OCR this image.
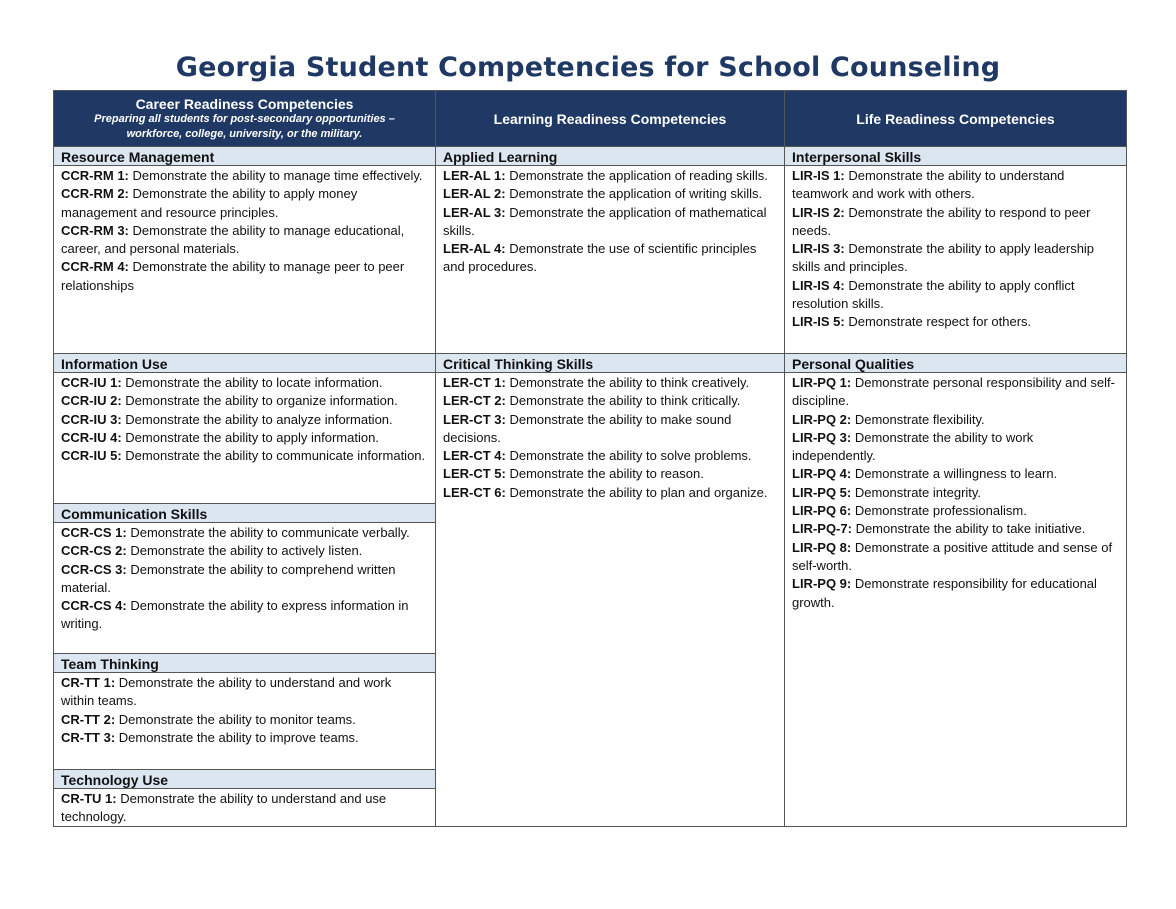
Georgia Student Competencies for School Counseling
Career Readiness Competencies
Preparing all students for post-secondary opportunities – workforce, college, university, or the military.
Resource Management

CCR-RM 1: Demonstrate the ability to manage time effectively.

CCR-RM 2: Demonstrate the ability to apply money management and resource principles.

CCR-RM 3: Demonstrate the ability to manage educational, career, and personal materials.

CCR-RM 4: Demonstrate the ability to manage peer to peer relationships

Information Use

CCR-IU 1: Demonstrate the ability to locate information.

CCR-IU 2: Demonstrate the ability to organize information.

CCR-IU 3: Demonstrate the ability to analyze information.

CCR-IU 4: Demonstrate the ability to apply information.

CCR-IU 5: Demonstrate the ability to communicate information.

Communication Skills

CCR-CS 1: Demonstrate the ability to communicate verbally.

CCR-CS 2: Demonstrate the ability to actively listen.

CCR-CS 3: Demonstrate the ability to comprehend written material.

CCR-CS 4: Demonstrate the ability to express information in writing.

Team Thinking

CR-TT 1: Demonstrate the ability to understand and work within teams.

CR-TT 2: Demonstrate the ability to monitor teams.

CR-TT 3: Demonstrate the ability to improve teams.

Technology Use

CR-TU 1: Demonstrate the ability to understand and use technology.

Learning Readiness Competencies
Applied Learning

LER-AL 1: Demonstrate the application of reading skills.

LER-AL 2: Demonstrate the application of writing skills.

LER-AL 3: Demonstrate the application of mathematical skills.

LER-AL 4: Demonstrate the use of scientific principles and procedures.

Critical Thinking Skills

LER-CT 1: Demonstrate the ability to think creatively.

LER-CT 2: Demonstrate the ability to think critically.

LER-CT 3: Demonstrate the ability to make sound decisions.

LER-CT 4: Demonstrate the ability to solve problems.

LER-CT 5: Demonstrate the ability to reason.

LER-CT 6: Demonstrate the ability to plan and organize.

Life Readiness Competencies
Interpersonal Skills

LIR-IS 1: Demonstrate the ability to understand teamwork and work with others.

LIR-IS 2: Demonstrate the ability to respond to peer needs.

LIR-IS 3: Demonstrate the ability to apply leadership skills and principles.

LIR-IS 4: Demonstrate the ability to apply conflict resolution skills.

LIR-IS 5: Demonstrate respect for others.

Personal Qualities

LIR-PQ 1: Demonstrate personal responsibility and self-discipline.

LIR-PQ 2: Demonstrate flexibility.

LIR-PQ 3: Demonstrate the ability to work independently.

LIR-PQ 4: Demonstrate a willingness to learn.

LIR-PQ 5: Demonstrate integrity.

LIR-PQ 6: Demonstrate professionalism.

LIR-PQ-7: Demonstrate the ability to take initiative.

LIR-PQ 8: Demonstrate a positive attitude and sense of self-worth.

LIR-PQ 9: Demonstrate responsibility for educational growth.
